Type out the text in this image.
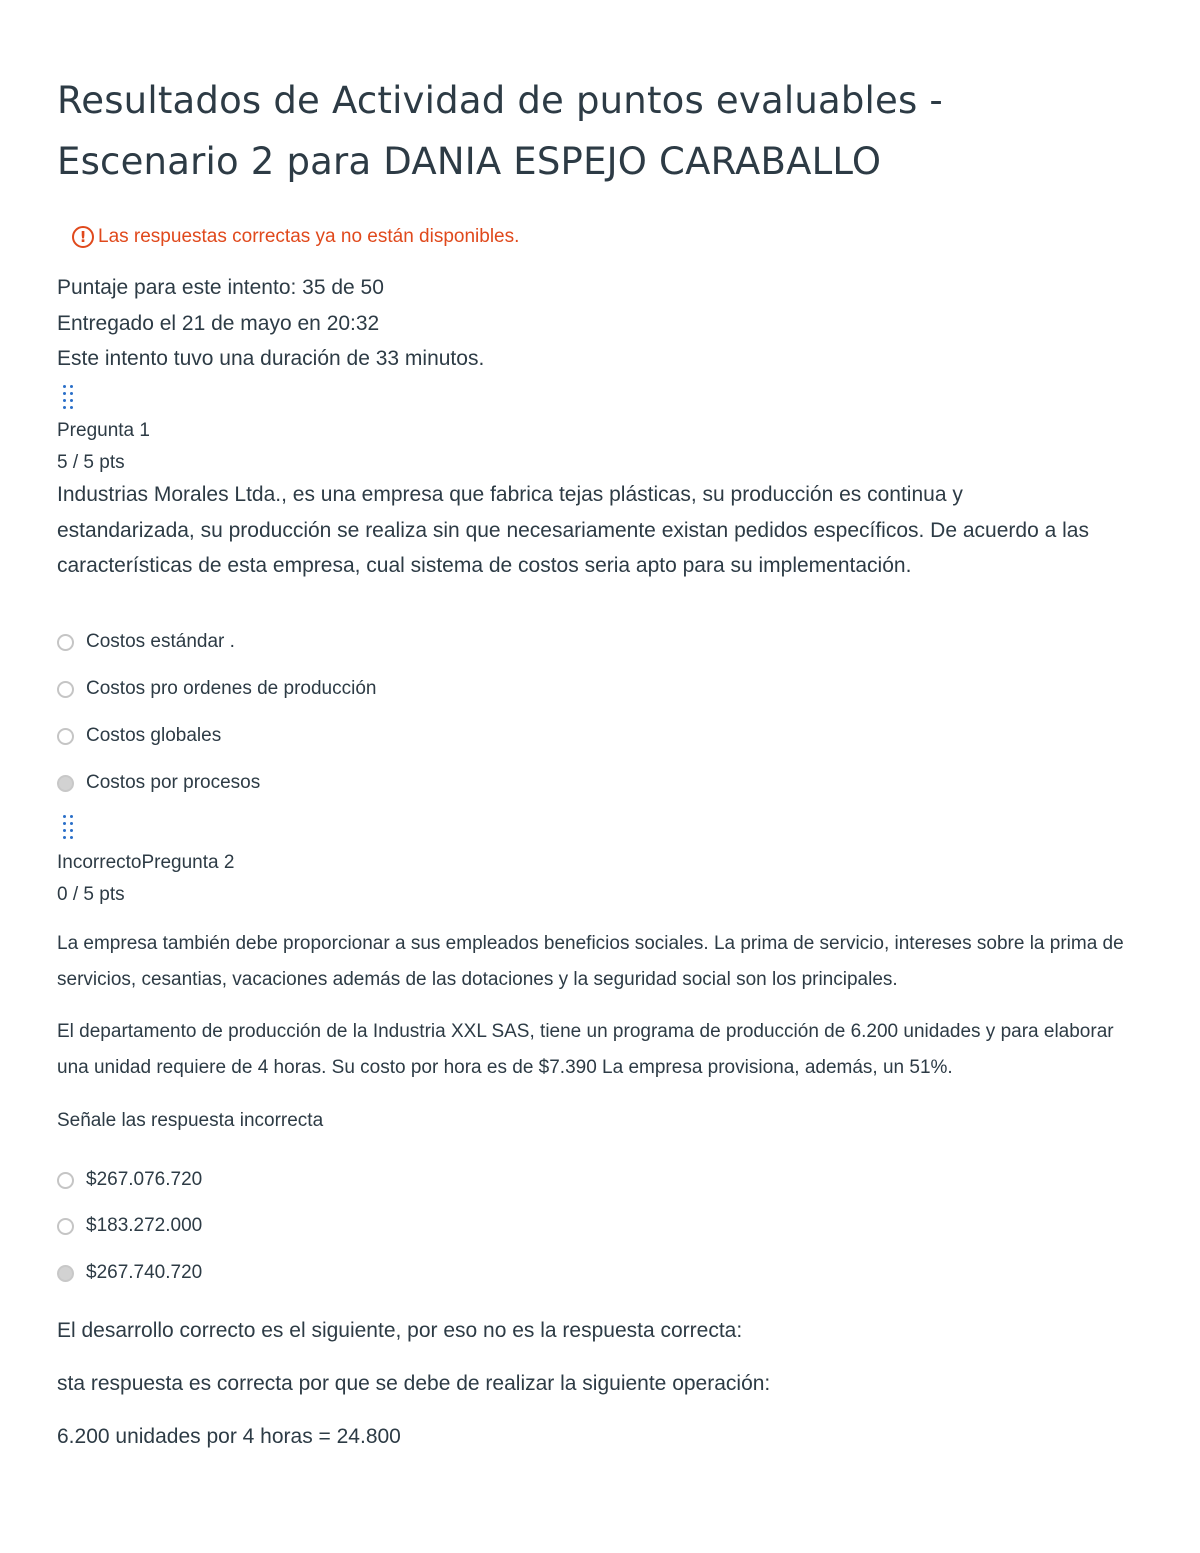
Resultados de Actividad de puntos evaluables -
Escenario 2 para DANIA ESPEJO CARABALLO
! Las respuestas correctas ya no están disponibles.
Puntaje para este intento: 35 de 50
Entregado el 21 de mayo en 20:32
Este intento tuvo una duración de 33 minutos.
Pregunta 1
5 / 5 pts
Industrias Morales Ltda., es una empresa que fabrica tejas plásticas, su producción es continua y estandarizada, su producción se realiza sin que necesariamente existan pedidos específicos. De acuerdo a las características de esta empresa, cual sistema de costos seria apto para su implementación.
Costos estándar .
Costos pro ordenes de producción
Costos globales
Costos por procesos
IncorrectoPregunta 2
0 / 5 pts
La empresa también debe proporcionar a sus empleados beneficios sociales. La prima de servicio, intereses sobre la prima de servicios, cesantias, vacaciones además de las dotaciones y la seguridad social son los principales.
El departamento de producción de la Industria XXL SAS, tiene un programa de producción de 6.200 unidades y para elaborar una unidad requiere de 4 horas. Su costo por hora es de $7.390 La empresa provisiona, además, un 51%.
Señale las respuesta incorrecta
$267.076.720
$183.272.000
$267.740.720
El desarrollo correcto es el siguiente, por eso no es la respuesta correcta:
sta respuesta es correcta por que se debe de realizar la siguiente operación:
6.200 unidades por 4 horas = 24.800
